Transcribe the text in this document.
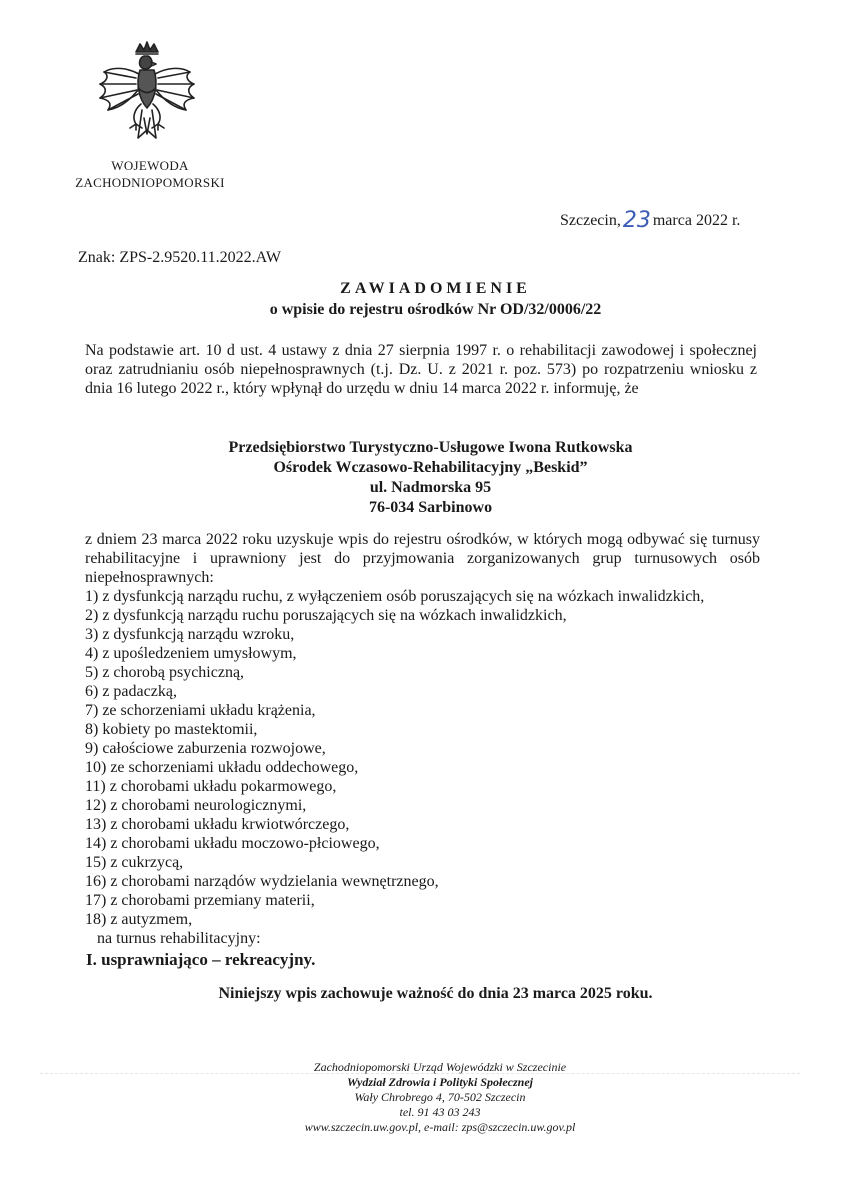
WOJEWODA
ZACHODNIOPOMORSKI
Szczecin,23 marca 2022 r.
Znak: ZPS-2.9520.11.2022.AW
ZAWIADOMIENIE
o wpisie do rejestru ośrodków Nr OD/32/0006/22
Na podstawie art. 10 d ust. 4 ustawy z dnia 27 sierpnia 1997 r. o rehabilitacji zawodowej i społecznej oraz zatrudnianiu osób niepełnosprawnych (t.j. Dz. U. z 2021 r. poz. 573) po rozpatrzeniu wniosku z dnia 16 lutego 2022 r., który wpłynął do urzędu w dniu 14 marca 2022 r. informuję, że
Przedsiębiorstwo Turystyczno-Usługowe Iwona Rutkowska
Ośrodek Wczasowo-Rehabilitacyjny „Beskid”
ul. Nadmorska 95
76-034 Sarbinowo
z dniem 23 marca 2022 roku uzyskuje wpis do rejestru ośrodków, w których mogą odbywać się turnusy rehabilitacyjne i uprawniony jest do przyjmowania zorganizowanych grup turnusowych osób niepełnosprawnych:
1) z dysfunkcją narządu ruchu, z wyłączeniem osób poruszających się na wózkach inwalidzkich,
2) z dysfunkcją narządu ruchu poruszających się na wózkach inwalidzkich,
3) z dysfunkcją narządu wzroku,
4) z upośledzeniem umysłowym,
5) z chorobą psychiczną,
6) z padaczką,
7) ze schorzeniami układu krążenia,
8) kobiety po mastektomii,
9) całościowe zaburzenia rozwojowe,
10) ze schorzeniami układu oddechowego,
11) z chorobami układu pokarmowego,
12) z chorobami neurologicznymi,
13) z chorobami układu krwiotwórczego,
14) z chorobami układu moczowo-płciowego,
15) z cukrzycą,
16) z chorobami narządów wydzielania wewnętrznego,
17) z chorobami przemiany materii,
18) z autyzmem,
na turnus rehabilitacyjny:
I. usprawniająco – rekreacyjny.
Niniejszy wpis zachowuje ważność do dnia 23 marca 2025 roku.
Zachodniopomorski Urząd Wojewódzki w Szczecinie
Wydział Zdrowia i Polityki Społecznej
Wały Chrobrego 4, 70-502 Szczecin
tel. 91 43 03 243
www.szczecin.uw.gov.pl, e-mail: zps@szczecin.uw.gov.pl
